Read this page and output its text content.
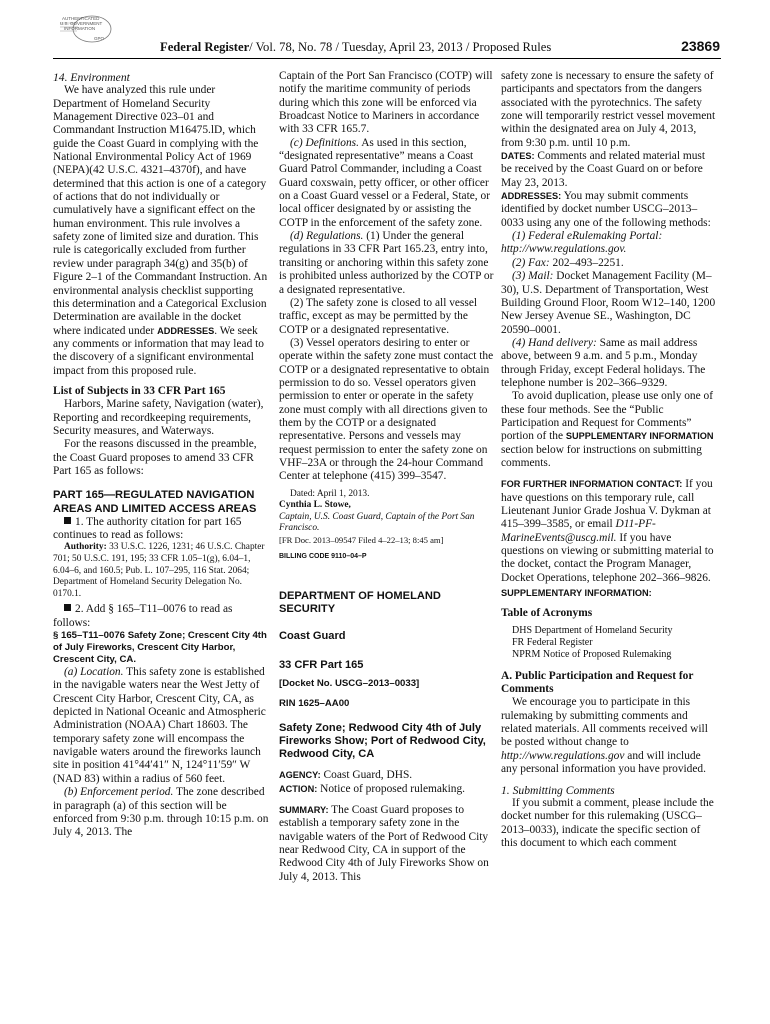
AUTHENTICATED
U.S. GOVERNMENT
INFORMATION
GPO
Federal Register/ Vol. 78, No. 78 / Tuesday, April 23, 2013 / Proposed Rules	23869

14. Environment

We have analyzed this rule under Department of Homeland Security Management Directive 023–01 and Commandant Instruction M16475.lD, which guide the Coast Guard in complying with the National Environmental Policy Act of 1969 (NEPA)(42 U.S.C. 4321–4370f), and have determined that this action is one of a category of actions that do not individually or cumulatively have a significant effect on the human environment. This rule involves a safety zone of limited size and duration. This rule is categorically excluded from further review under paragraph 34(g) and 35(b) of Figure 2–1 of the Commandant Instruction. An environmental analysis checklist supporting this determination and a Categorical Exclusion Determination are available in the docket where indicated under ADDRESSES. We seek any comments or information that may lead to the discovery of a significant environmental impact from this proposed rule.

List of Subjects in 33 CFR Part 165

Harbors, Marine safety, Navigation (water), Reporting and recordkeeping requirements, Security measures, and Waterways.

For the reasons discussed in the preamble, the Coast Guard proposes to amend 33 CFR Part 165 as follows:

PART 165—REGULATED NAVIGATION AREAS AND LIMITED ACCESS AREAS

1. The authority citation for part 165 continues to read as follows:

Authority: 33 U.S.C. 1226, 1231; 46 U.S.C. Chapter 701; 50 U.S.C. 191, 195; 33 CFR 1.05–1(g), 6.04–1, 6.04–6, and 160.5; Pub. L. 107–295, 116 Stat. 2064; Department of Homeland Security Delegation No. 0170.1.

2. Add § 165–T11–0076 to read as follows:

§ 165–T11–0076 Safety Zone; Crescent City 4th of July Fireworks, Crescent City Harbor, Crescent City, CA.

(a) Location. This safety zone is established in the navigable waters near the West Jetty of Crescent City Harbor, Crescent City, CA, as depicted in National Oceanic and Atmospheric Administration (NOAA) Chart 18603. The temporary safety zone will encompass the navigable waters around the fireworks launch site in position 41°44′41″ N, 124°11′59″ W (NAD 83) within a radius of 560 feet.

(b) Enforcement period. The zone described in paragraph (a) of this section will be enforced from 9:30 p.m. through 10:15 p.m. on July 4, 2013. The

Captain of the Port San Francisco (COTP) will notify the maritime community of periods during which this zone will be enforced via Broadcast Notice to Mariners in accordance with 33 CFR 165.7.

(c) Definitions. As used in this section, “designated representative” means a Coast Guard Patrol Commander, including a Coast Guard coxswain, petty officer, or other officer on a Coast Guard vessel or a Federal, State, or local officer designated by or assisting the COTP in the enforcement of the safety zone.

(d) Regulations. (1) Under the general regulations in 33 CFR Part 165.23, entry into, transiting or anchoring within this safety zone is prohibited unless authorized by the COTP or a designated representative.

(2) The safety zone is closed to all vessel traffic, except as may be permitted by the COTP or a designated representative.

(3) Vessel operators desiring to enter or operate within the safety zone must contact the COTP or a designated representative to obtain permission to do so. Vessel operators given permission to enter or operate in the safety zone must comply with all directions given to them by the COTP or a designated representative. Persons and vessels may request permission to enter the safety zone on VHF–23A or through the 24-hour Command Center at telephone (415) 399–3547.

Dated: April 1, 2013.

Cynthia L. Stowe,

Captain, U.S. Coast Guard, Captain of the Port San Francisco.

[FR Doc. 2013–09547 Filed 4–22–13; 8:45 am]

BILLING CODE 9110–04–P

DEPARTMENT OF HOMELAND SECURITY

Coast Guard

33 CFR Part 165

[Docket No. USCG–2013–0033]

RIN 1625–AA00

Safety Zone; Redwood City 4th of July Fireworks Show; Port of Redwood City, Redwood City, CA

AGENCY: Coast Guard, DHS.

ACTION: Notice of proposed rulemaking.

SUMMARY: The Coast Guard proposes to establish a temporary safety zone in the navigable waters of the Port of Redwood City near Redwood City, CA in support of the Redwood City 4th of July Fireworks Show on July 4, 2013. This

safety zone is necessary to ensure the safety of participants and spectators from the dangers associated with the pyrotechnics. The safety zone will temporarily restrict vessel movement within the designated area on July 4, 2013, from 9:30 p.m. until 10 p.m.

DATES: Comments and related material must be received by the Coast Guard on or before May 23, 2013.

ADDRESSES: You may submit comments identified by docket number USCG–2013–0033 using any one of the following methods:

(1) Federal eRulemaking Portal: http://www.regulations.gov.

(2) Fax: 202–493–2251.

(3) Mail: Docket Management Facility (M–30), U.S. Department of Transportation, West Building Ground Floor, Room W12–140, 1200 New Jersey Avenue SE., Washington, DC 20590–0001.

(4) Hand delivery: Same as mail address above, between 9 a.m. and 5 p.m., Monday through Friday, except Federal holidays. The telephone number is 202–366–9329.

To avoid duplication, please use only one of these four methods. See the “Public Participation and Request for Comments” portion of the SUPPLEMENTARY INFORMATION section below for instructions on submitting comments.

FOR FURTHER INFORMATION CONTACT: If you have questions on this temporary rule, call Lieutenant Junior Grade Joshua V. Dykman at 415–399–3585, or email D11-PF-MarineEvents@uscg.mil. If you have questions on viewing or submitting material to the docket, contact the Program Manager, Docket Operations, telephone 202–366–9826.

SUPPLEMENTARY INFORMATION:

Table of Acronyms

DHS Department of Homeland Security

FR Federal Register

NPRM Notice of Proposed Rulemaking

A. Public Participation and Request for Comments

We encourage you to participate in this rulemaking by submitting comments and related materials. All comments received will be posted without change to http://www.regulations.gov and will include any personal information you have provided.

1. Submitting Comments

If you submit a comment, please include the docket number for this rulemaking (USCG–2013–0033), indicate the specific section of this document to which each comment
